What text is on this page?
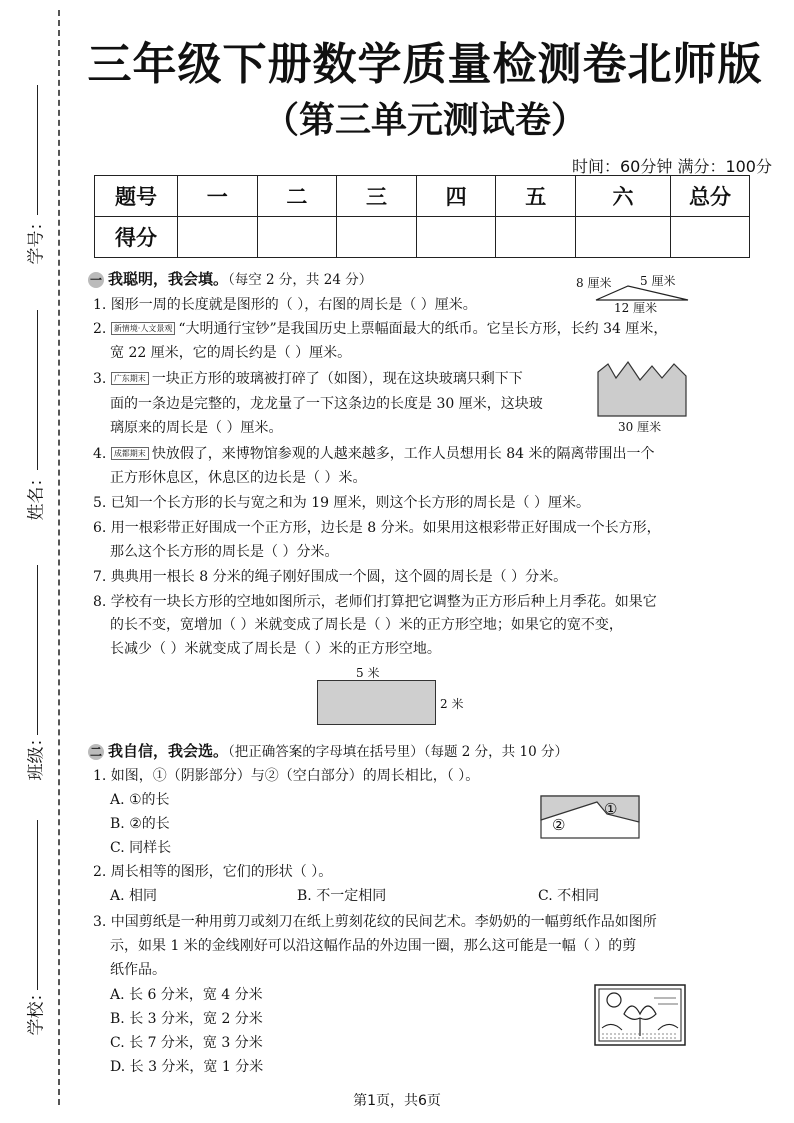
学号：
姓名：
班级：
学校：
三年级下册数学质量检测卷北师版
（第三单元测试卷）
时间：60分钟 满分：100分
题号	一	二	三	四	五	六	总分
得分							
一 我聪明，我会填。（每空 2 分，共 24 分）
1. 图形一周的长度就是图形的（ ），右图的周长是（ ）厘米。
8 厘米 5 厘米
12 厘米
2. 新情境·人文景观 “大明通行宝钞”是我国历史上票幅面最大的纸币。它呈长方形，长约 34 厘米，
宽 22 厘米，它的周长约是（ ）厘米。
3. 广东期末 一块正方形的玻璃被打碎了（如图），现在这块玻璃只剩下下
面的一条边是完整的，龙龙量了一下这条边的长度是 30 厘米，这块玻
璃原来的周长是（ ）厘米。	30 厘米
4. 成都期末 快放假了，来博物馆参观的人越来越多，工作人员想用长 84 米的隔离带围出一个
正方形休息区，休息区的边长是（ ）米。
5. 已知一个长方形的长与宽之和为 19 厘米，则这个长方形的周长是（ ）厘米。
6. 用一根彩带正好围成一个正方形，边长是 8 分米。如果用这根彩带正好围成一个长方形，
那么这个长方形的周长是（ ）分米。
7. 典典用一根长 8 分米的绳子刚好围成一个圆，这个圆的周长是（ ）分米。
8. 学校有一块长方形的空地如图所示，老师们打算把它调整为正方形后种上月季花。如果它
的长不变，宽增加（ ）米就变成了周长是（ ）米的正方形空地；如果它的宽不变，
长减少（ ）米就变成了周长是（ ）米的正方形空地。
5 米
2 米
二 我自信，我会选。（把正确答案的字母填在括号里）（每题 2 分，共 10 分）
1. 如图，①（阴影部分）与②（空白部分）的周长相比，（ ）。
A. ①的长
B. ②的长
C. 同样长
①
②
2. 周长相等的图形，它们的形状（ ）。
A. 相同	B. 不一定相同	C. 不相同
3. 中国剪纸是一种用剪刀或刻刀在纸上剪刻花纹的民间艺术。李奶奶的一幅剪纸作品如图所
示，如果 1 米的金线刚好可以沿这幅作品的外边围一圈，那么这可能是一幅（ ）的剪
纸作品。
A. 长 6 分米，宽 4 分米
B. 长 3 分米，宽 2 分米
C. 长 7 分米，宽 3 分米
D. 长 3 分米，宽 1 分米
第1页，共6页
